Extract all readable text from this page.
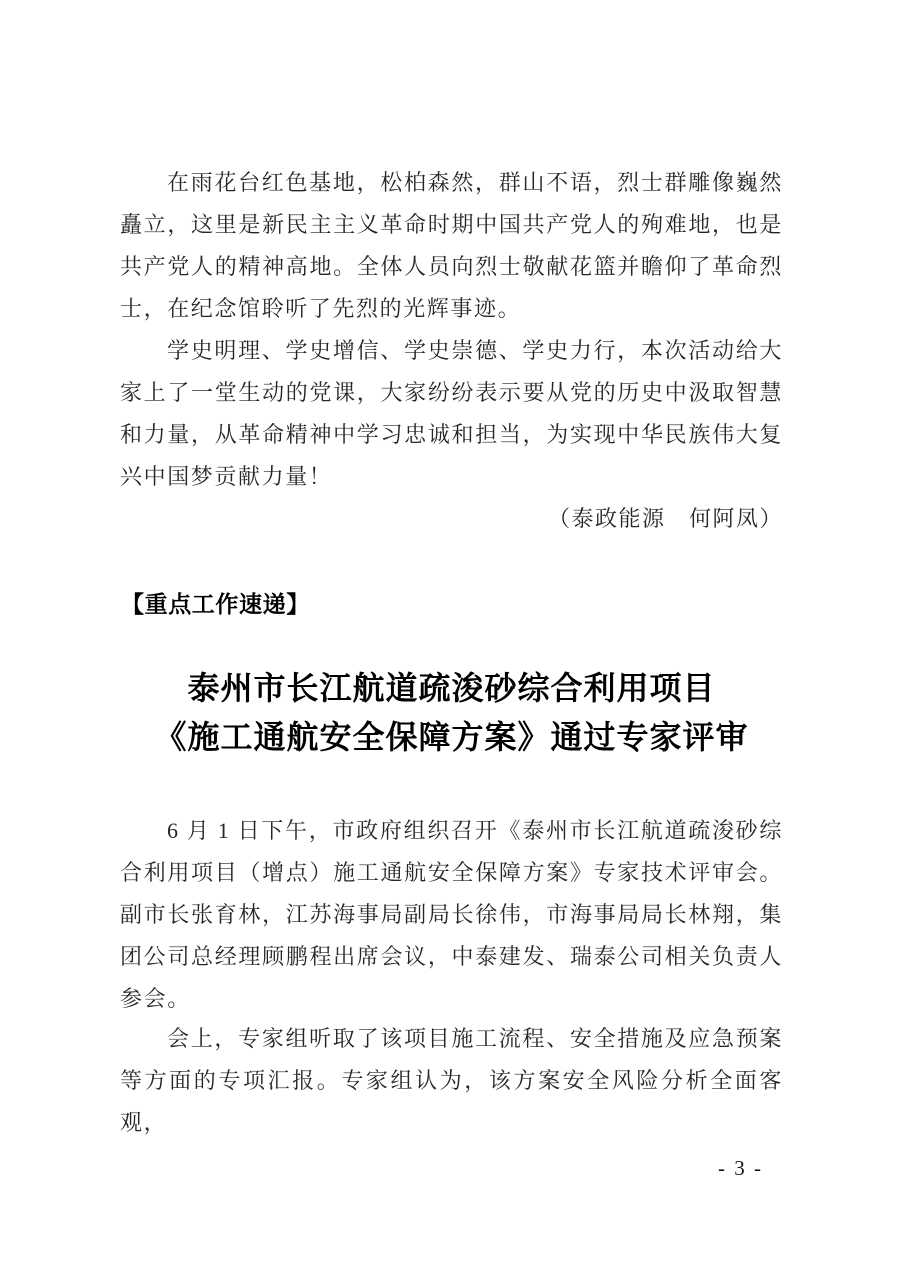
在雨花台红色基地，松柏森然，群山不语，烈士群雕像巍然矗立，这里是新民主主义革命时期中国共产党人的殉难地，也是共产党人的精神高地。全体人员向烈士敬献花篮并瞻仰了革命烈士，在纪念馆聆听了先烈的光辉事迹。

学史明理、学史增信、学史崇德、学史力行，本次活动给大家上了一堂生动的党课，大家纷纷表示要从党的历史中汲取智慧和力量，从革命精神中学习忠诚和担当，为实现中华民族伟大复兴中国梦贡献力量！

（泰政能源　何阿凤）
【重点工作速递】
泰州市长江航道疏浚砂综合利用项目
《施工通航安全保障方案》通过专家评审

6 月 1 日下午，市政府组织召开《泰州市长江航道疏浚砂综合利用项目（增点）施工通航安全保障方案》专家技术评审会。副市长张育林，江苏海事局副局长徐伟，市海事局局长林翔，集团公司总经理顾鹏程出席会议，中泰建发、瑞泰公司相关负责人参会。

会上，专家组听取了该项目施工流程、安全措施及应急预案等方面的专项汇报。专家组认为，该方案安全风险分析全面客观，

- 3 -
